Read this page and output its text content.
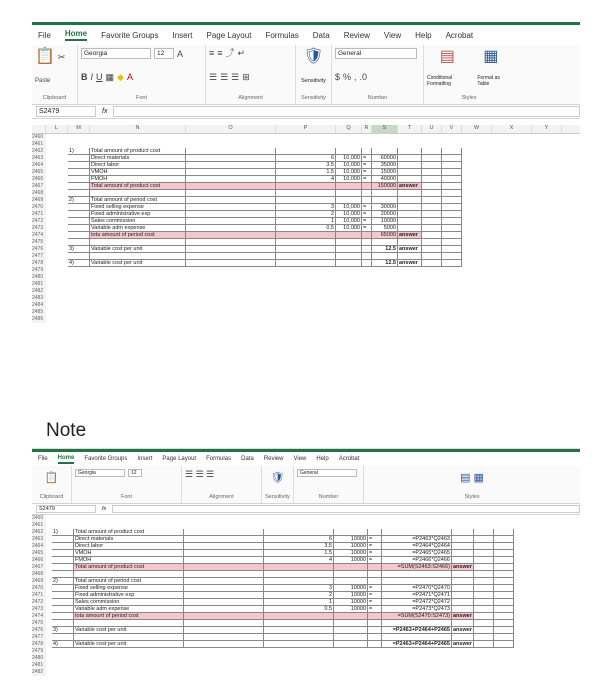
File Home Favorite Groups Insert Page Layout Formulas Data Review View Help Acrobat
📋 ✂
Paste
Clipboard
Georgia	12	A
B I U ▦ ◆ A
Font
≡ ≡ ⤴ ↵
☰ ☰ ☰ ⊞
Alignment
🛡
Sensitivity
Sensitivity
General
$ % , .0
Number
▤ ▦
Conditional Formatting
Format as Table
Styles
S2479	fx
L	M	N	O	P	Q	R	S	T	U	V	W	X	Y
2460
2461
2462	1)	Total amount of product cost
2463	Direct materials	6	10,000 =	60000
2464	Direct labor	3.5	10,000 =	35000
2465	VMOH	1.5	10,000 =	15000
2466	FMOH	4	10,000 =	40000
2467	Total amount of product cost	150000 answer
2468
2469	2)	Total amount of period cost
2470	Fixed selling expense	3	10,000 =	30000
2471	Fixed administrative exp	2	10,000 =	20000
2472	Sales commission	1	10,000 =	10000
2473	Variable adm expense	0.5	10,000 =	5000
2474	tota amount of period cost	65000 answer
2475
2476	3)	Variable cost per unit	12.5 answer
2477
2478	4)	Variable cost per unit	12.5 answer
2479
2480
2481
2482
2483
2484
2485
2486
Note
File Home Favorite Groups Insert Page Layout Formulas Data Review View Help Acrobat
📋
Clipboard
Georgia	12
Font
☰ ☰ ☰
Alignment
🛡
Sensitivity
General
Number
▤ ▦
Styles
S2479	fx
2460
2461
2462	1)	Total amount of product cost
2463	Direct materials	6	10000 =	=P2463*Q2463
2464	Direct labor	3.5	10000 =	=P2464*Q2464
2465	VMOH	1.5	10000 =	=P2465*Q2465
2466	FMOH	4	10000 =	=P2466*Q2466
2467	Total amount of product cost	=SUM(S2463:S2466) answer
2468
2469	2)	Total amount of period cost
2470	Fixed selling expense	3	10000 =	=P2470*Q2470
2471	Fixed administrative exp	2	10000 =	=P2471*Q2471
2472	Sales commission	1	10000 =	=P2472*Q2472
2473	Variable adm expense	0.5	10000 =	=P2473*Q2473
2474	tota amount of period cost	=SUM(S2470:S2473) answer
2475
2476	3)	Variable cost per unit	=P2463+P2464+P2465 answer
2477
2478	4)	Variable cost per unit	=P2463+P2464+P2465 answer
2479
2480
2481
2482
